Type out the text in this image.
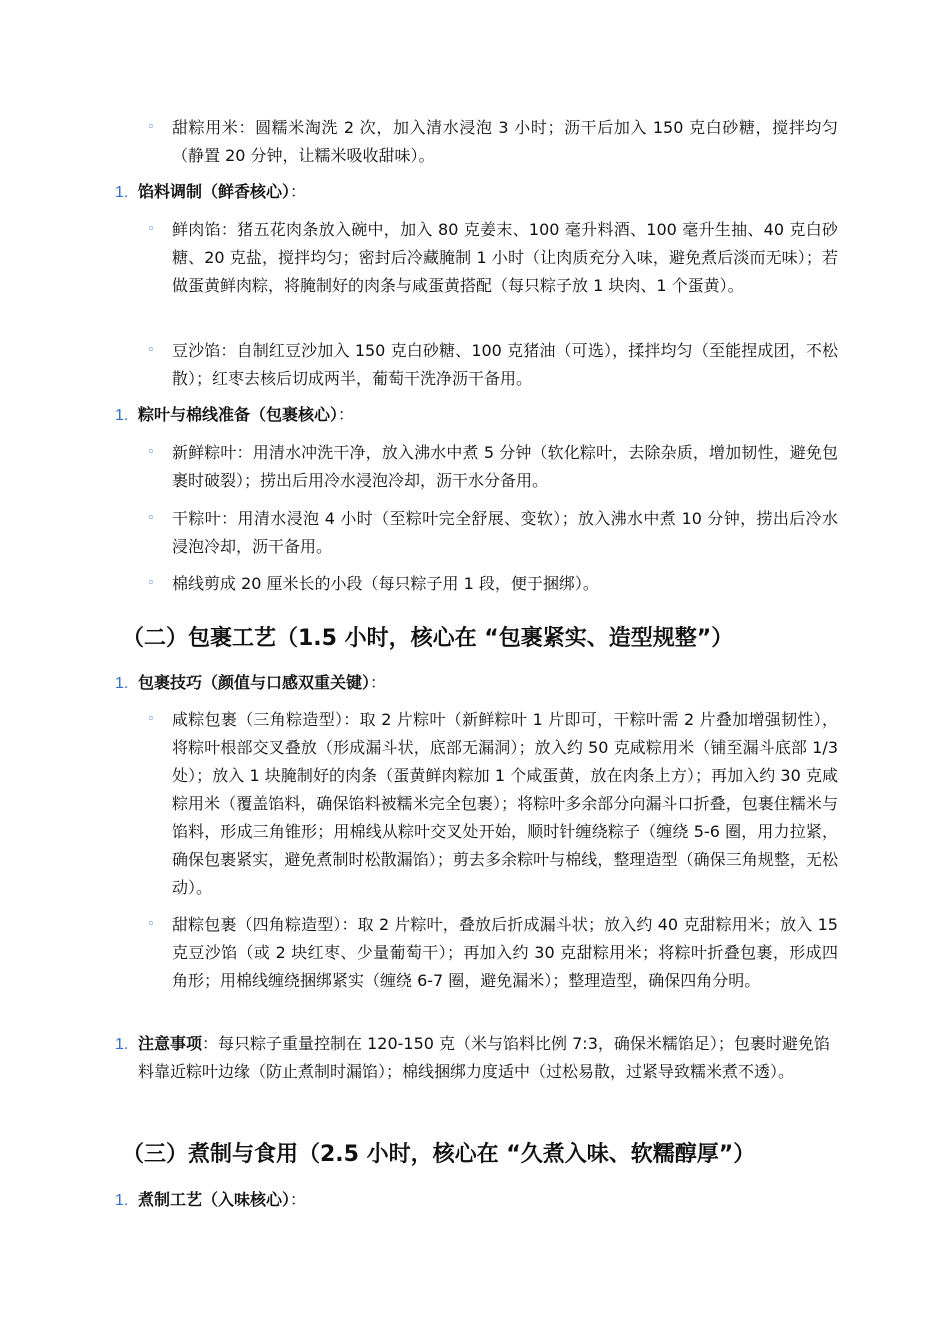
◦ 甜粽用米：圆糯米淘洗 2 次，加入清水浸泡 3 小时；沥干后加入 150 克白砂糖，搅拌均匀（静置 20 分钟，让糯米吸收甜味）。
1. 馅料调制（鲜香核心）：
◦ 鲜肉馅：猪五花肉条放入碗中，加入 80 克姜末、100 毫升料酒、100 毫升生抽、40 克白砂糖、20 克盐，搅拌均匀；密封后冷藏腌制 1 小时（让肉质充分入味，避免煮后淡而无味）；若做蛋黄鲜肉粽，将腌制好的肉条与咸蛋黄搭配（每只粽子放 1 块肉、1 个蛋黄）。
◦ 豆沙馅：自制红豆沙加入 150 克白砂糖、100 克猪油（可选），揉拌均匀（至能捏成团，不松散）；红枣去核后切成两半，葡萄干洗净沥干备用。
1. 粽叶与棉线准备（包裹核心）：
◦ 新鲜粽叶：用清水冲洗干净，放入沸水中煮 5 分钟（软化粽叶，去除杂质，增加韧性，避免包裹时破裂）；捞出后用冷水浸泡冷却，沥干水分备用。
◦ 干粽叶：用清水浸泡 4 小时（至粽叶完全舒展、变软）；放入沸水中煮 10 分钟，捞出后冷水浸泡冷却，沥干备用。
◦ 棉线剪成 20 厘米长的小段（每只粽子用 1 段，便于捆绑）。
（二）包裹工艺（1.5 小时，核心在 “包裹紧实、造型规整”）
1. 包裹技巧（颜值与口感双重关键）：
◦ 咸粽包裹（三角粽造型）：取 2 片粽叶（新鲜粽叶 1 片即可，干粽叶需 2 片叠加增强韧性），将粽叶根部交叉叠放（形成漏斗状，底部无漏洞）；放入约 50 克咸粽用米（铺至漏斗底部 1/3 处）；放入 1 块腌制好的肉条（蛋黄鲜肉粽加 1 个咸蛋黄，放在肉条上方）；再加入约 30 克咸粽用米（覆盖馅料，确保馅料被糯米完全包裹）；将粽叶多余部分向漏斗口折叠，包裹住糯米与馅料，形成三角锥形；用棉线从粽叶交叉处开始，顺时针缠绕粽子（缠绕 5-6 圈，用力拉紧，确保包裹紧实，避免煮制时松散漏馅）；剪去多余粽叶与棉线，整理造型（确保三角规整，无松动）。
◦ 甜粽包裹（四角粽造型）：取 2 片粽叶，叠放后折成漏斗状；放入约 40 克甜粽用米；放入 15 克豆沙馅（或 2 块红枣、少量葡萄干）；再加入约 30 克甜粽用米；将粽叶折叠包裹，形成四角形；用棉线缠绕捆绑紧实（缠绕 6-7 圈，避免漏米）；整理造型，确保四角分明。
1. 注意事项：每只粽子重量控制在 120-150 克（米与馅料比例 7:3，确保米糯馅足）；包裹时避免馅料靠近粽叶边缘（防止煮制时漏馅）；棉线捆绑力度适中（过松易散，过紧导致糯米煮不透）。
（三）煮制与食用（2.5 小时，核心在 “久煮入味、软糯醇厚”）
1. 煮制工艺（入味核心）：
